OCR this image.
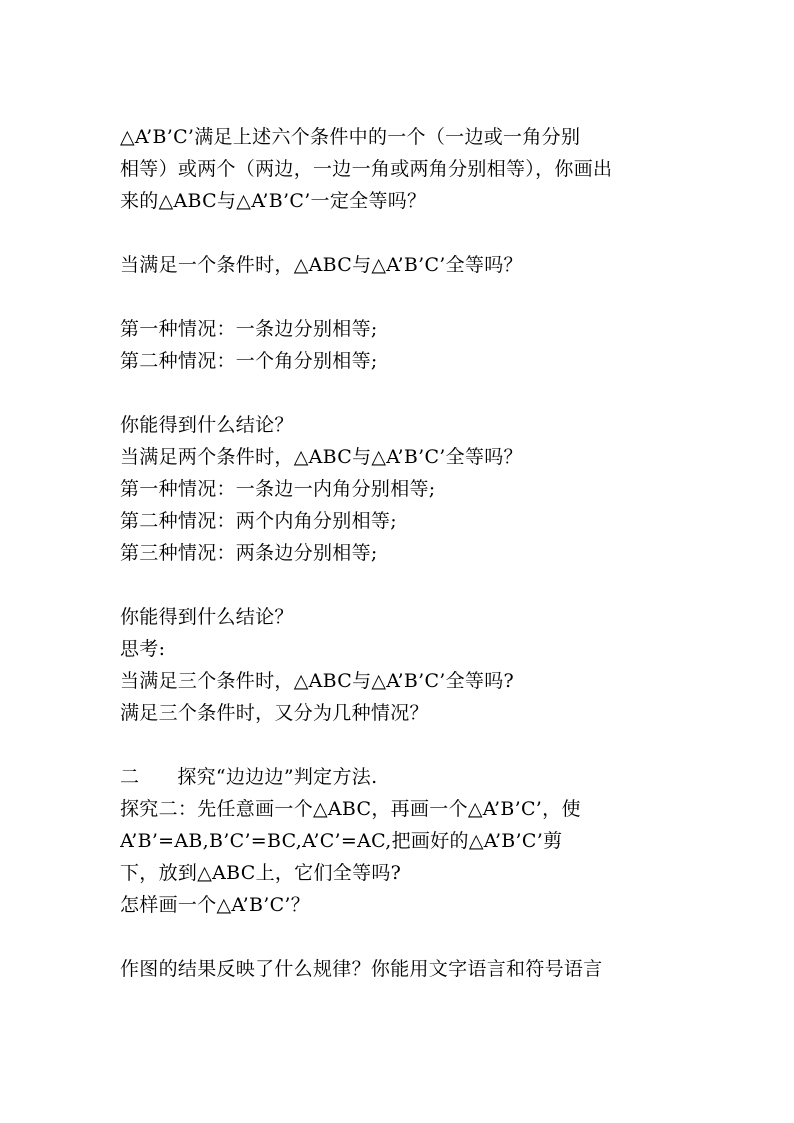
△A’B’C’满足上述六个条件中的一个（一边或一角分别
相等）或两个（两边，一边一角或两角分别相等），你画出
来的△ABC与△A’B’C’一定全等吗？
当满足一个条件时，△ABC与△A’B’C’全等吗？
第一种情况：一条边分别相等;
第二种情况：一个角分别相等;
你能得到什么结论？
当满足两个条件时，△ABC与△A’B’C’全等吗？
第一种情况：一条边一内角分别相等;
第二种情况：两个内角分别相等;
第三种情况：两条边分别相等;
你能得到什么结论？
思考:
当满足三个条件时，△ABC与△A’B’C’全等吗?
满足三个条件时，又分为几种情况？
二      探究“边边边”判定方法.
探究二：先任意画一个△ABC，再画一个△A’B’C’，使
A’B’=AB,B’C’=BC,A’C’=AC,把画好的△A’B’C’剪
下，放到△ABC上，它们全等吗?
怎样画一个△A’B’C’？
作图的结果反映了什么规律？你能用文字语言和符号语言
